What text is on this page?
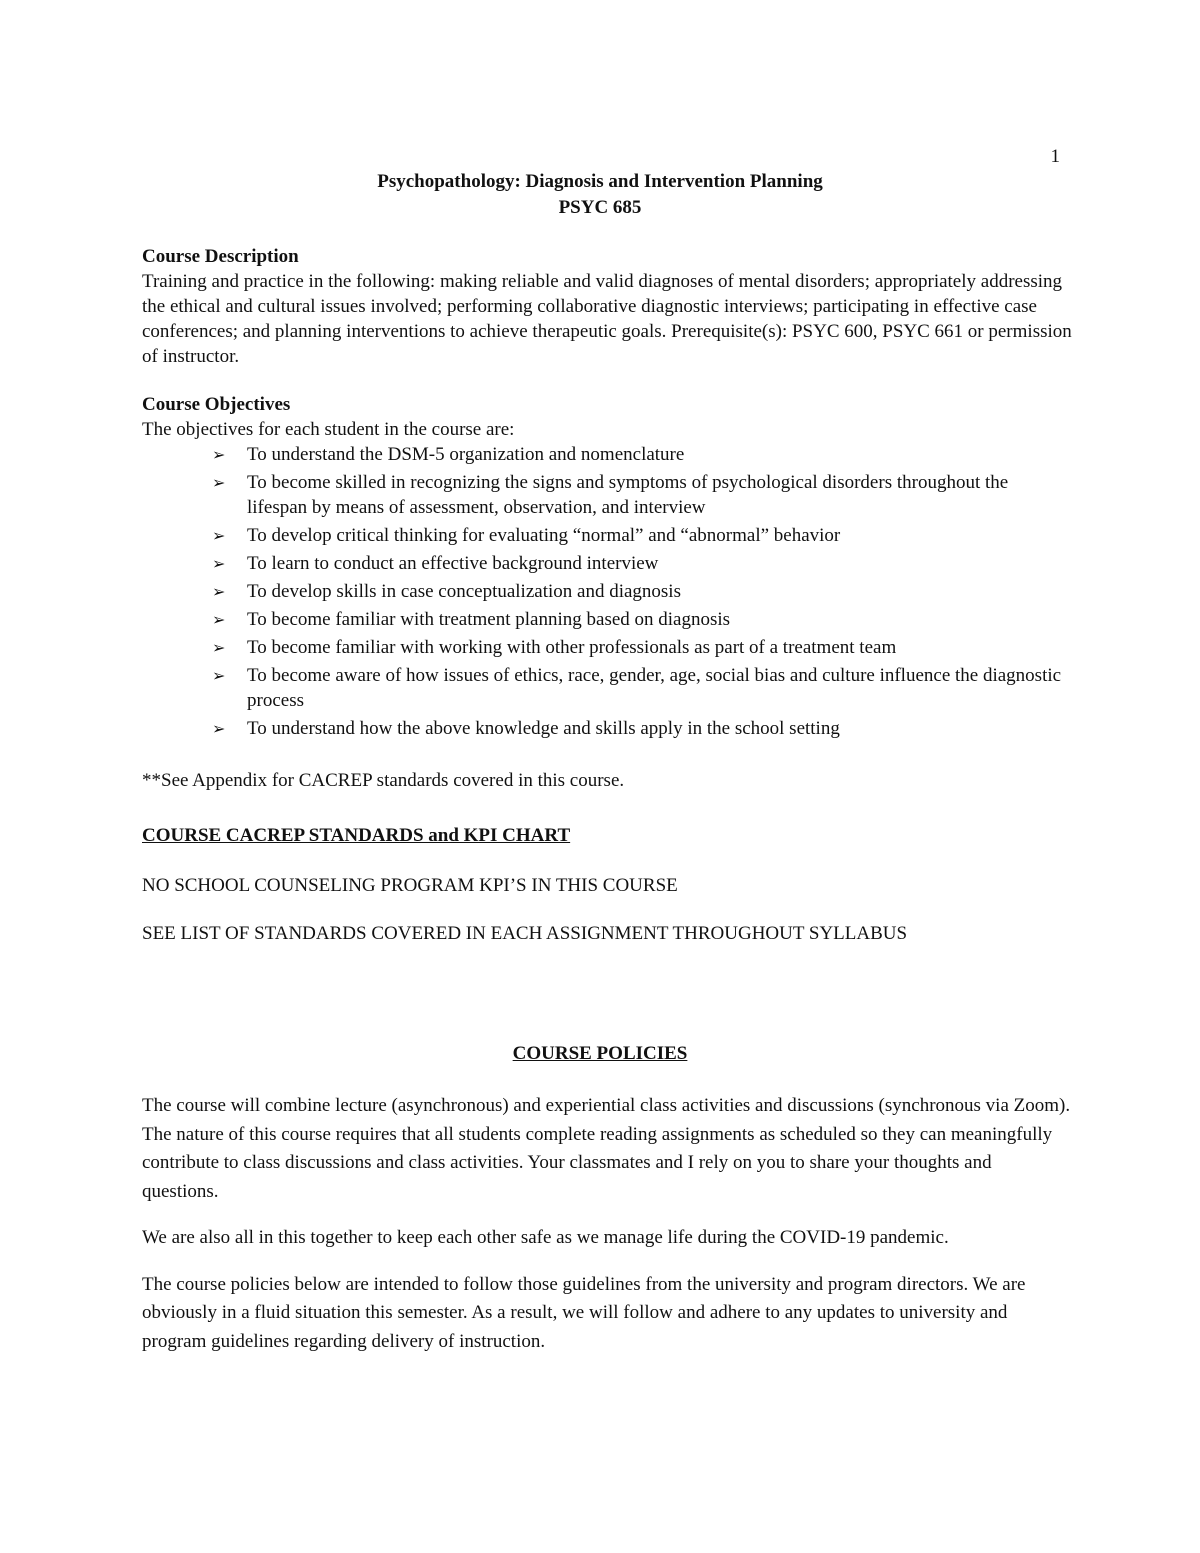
1
Psychopathology: Diagnosis and Intervention Planning
PSYC 685

Course Description

Training and practice in the following: making reliable and valid diagnoses of mental disorders; appropriately addressing the ethical and cultural issues involved; performing collaborative diagnostic interviews; participating in effective case conferences; and planning interventions to achieve therapeutic goals. Prerequisite(s): PSYC 600, PSYC 661 or permission of instructor.

Course Objectives

The objectives for each student in the course are:

➢ To understand the DSM-5 organization and nomenclature
➢ To become skilled in recognizing the signs and symptoms of psychological disorders throughout the lifespan by means of assessment, observation, and interview
➢ To develop critical thinking for evaluating “normal” and “abnormal” behavior
➢ To learn to conduct an effective background interview
➢ To develop skills in case conceptualization and diagnosis
➢ To become familiar with treatment planning based on diagnosis
➢ To become familiar with working with other professionals as part of a treatment team
➢ To become aware of how issues of ethics, race, gender, age, social bias and culture influence the diagnostic process
➢ To understand how the above knowledge and skills apply in the school setting
**See Appendix for CACREP standards covered in this course.
COURSE CACREP STANDARDS and KPI CHART
NO SCHOOL COUNSELING PROGRAM KPI’S IN THIS COURSE
SEE LIST OF STANDARDS COVERED IN EACH ASSIGNMENT THROUGHOUT SYLLABUS
COURSE POLICIES

The course will combine lecture (asynchronous) and experiential class activities and discussions (synchronous via Zoom). The nature of this course requires that all students complete reading assignments as scheduled so they can meaningfully contribute to class discussions and class activities. Your classmates and I rely on you to share your thoughts and questions.

We are also all in this together to keep each other safe as we manage life during the COVID-19 pandemic.

The course policies below are intended to follow those guidelines from the university and program directors. We are obviously in a fluid situation this semester. As a result, we will follow and adhere to any updates to university and program guidelines regarding delivery of instruction.
